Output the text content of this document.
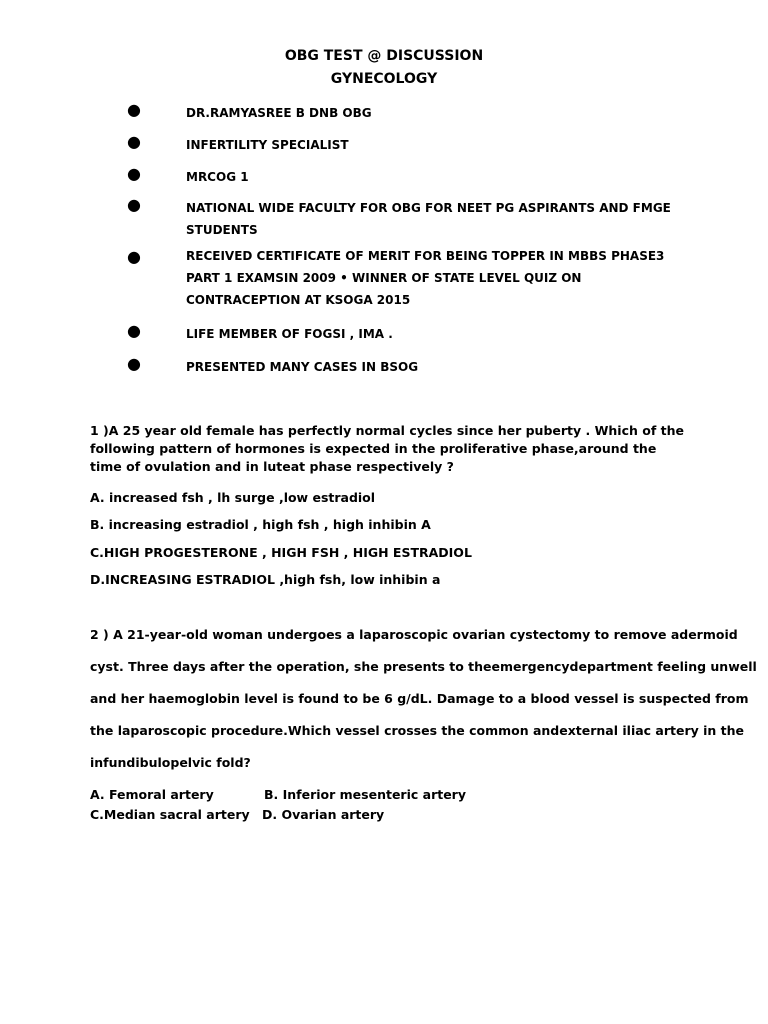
OBG TEST @ DISCUSSION
GYNECOLOGY
●	DR.RAMYASREE B DNB OBG
●	INFERTILITY SPECIALIST
●	MRCOG 1
●	NATIONAL WIDE FACULTY FOR OBG FOR NEET PG ASPIRANTS AND FMGE STUDENTS
●	RECEIVED CERTIFICATE OF MERIT FOR BEING TOPPER IN MBBS PHASE3 PART 1 EXAMSIN 2009 • WINNER OF STATE LEVEL QUIZ ON CONTRACEPTION AT KSOGA 2015
●	LIFE MEMBER OF FOGSI , IMA .
●	PRESENTED MANY CASES IN BSOG
1 )A 25 year old female has perfectly normal cycles since her puberty . Which of the following pattern of hormones is expected in the proliferative phase,around the time of ovulation and in luteat phase respectively ?
A. increased fsh , lh surge ,low estradiol
B. increasing estradiol , high fsh , high inhibin A
C.HIGH PROGESTERONE , HIGH FSH , HIGH ESTRADIOL
D.INCREASING ESTRADIOL ,high fsh, low inhibin a
2 ) A 21-year-old woman undergoes a laparoscopic ovarian cystectomy to remove adermoid
cyst. Three days after the operation, she presents to theemergencydepartment feeling unwell
and her haemoglobin level is found to be 6 g/dL. Damage to a blood vessel is suspected from
the laparoscopic procedure.Which vessel crosses the common andexternal iliac artery in the
infundibulopelvic fold?
A. Femoral artery	B. Inferior mesenteric artery
C.Median sacral artery D. Ovarian artery
